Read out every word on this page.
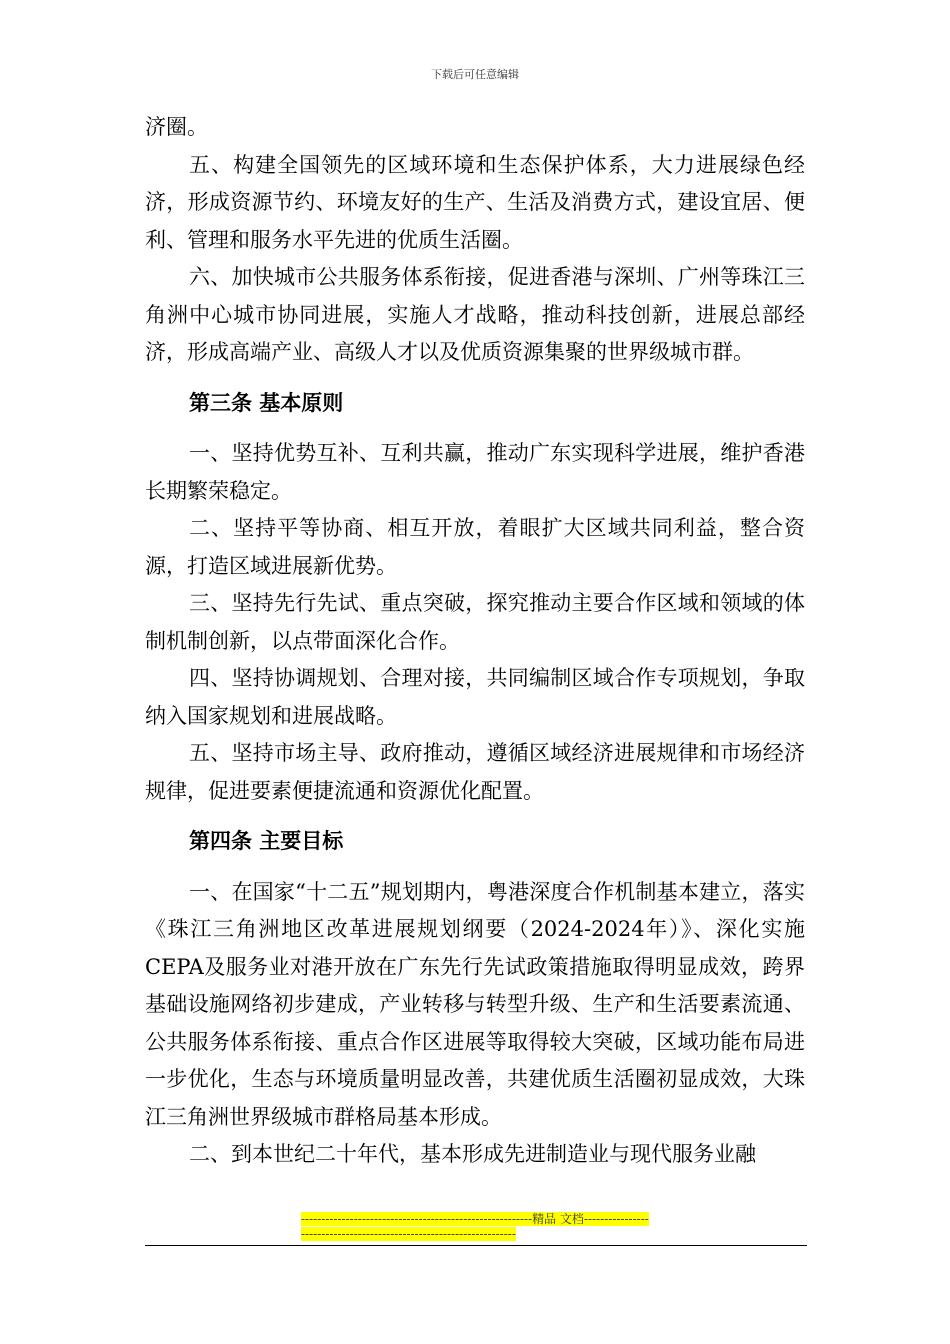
下载后可任意编辑

济圈。

五、构建全国领先的区域环境和生态保护体系，大力进展绿色经济，形成资源节约、环境友好的生产、生活及消费方式，建设宜居、便利、管理和服务水平先进的优质生活圈。

六、加快城市公共服务体系衔接，促进香港与深圳、广州等珠江三角洲中心城市协同进展，实施人才战略，推动科技创新，进展总部经济，形成高端产业、高级人才以及优质资源集聚的世界级城市群。

第三条 基本原则

一、坚持优势互补、互利共赢，推动广东实现科学进展，维护香港长期繁荣稳定。

二、坚持平等协商、相互开放，着眼扩大区域共同利益，整合资源，打造区域进展新优势。

三、坚持先行先试、重点突破，探究推动主要合作区域和领域的体制机制创新，以点带面深化合作。

四、坚持协调规划、合理对接，共同编制区域合作专项规划，争取纳入国家规划和进展战略。

五、坚持市场主导、政府推动，遵循区域经济进展规律和市场经济规律，促进要素便捷流通和资源优化配置。

第四条 主要目标

一、在国家“十二五”规划期内，粤港深度合作机制基本建立，落实《珠江三角洲地区改革进展规划纲要（2024-2024年）》、深化实施CEPA及服务业对港开放在广东先行先试政策措施取得明显成效，跨界基础设施网络初步建成，产业转移与转型升级、生产和生活要素流通、公共服务体系衔接、重点合作区进展等取得较大突破，区域功能布局进一步优化，生态与环境质量明显改善，共建优质生活圈初显成效，大珠江三角洲世界级城市群格局基本形成。

二、到本世纪二十年代，基本形成先进制造业与现代服务业融

---------------------------------------------------------精品 文档---------------------------------------------------------------------
